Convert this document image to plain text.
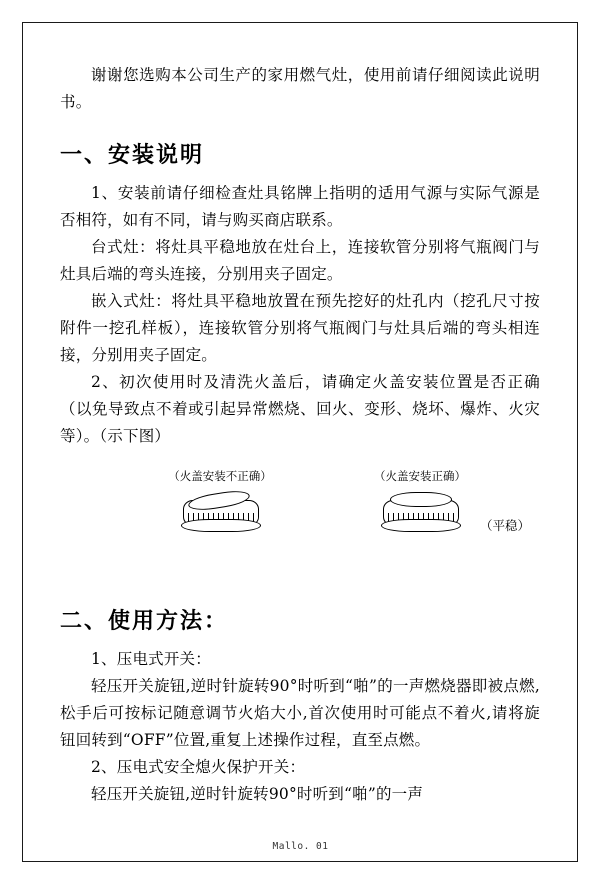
谢谢您选购本公司生产的家用燃气灶，使用前请仔细阅读此说明书。

一、安装说明

1、安装前请仔细检查灶具铭牌上指明的适用气源与实际气源是否相符，如有不同，请与购买商店联系。

台式灶：将灶具平稳地放在灶台上，连接软管分别将气瓶阀门与灶具后端的弯头连接，分别用夹子固定。

嵌入式灶：将灶具平稳地放置在预先挖好的灶孔内（挖孔尺寸按附件一挖孔样板），连接软管分别将气瓶阀门与灶具后端的弯头相连接，分别用夹子固定。

2、初次使用时及清洗火盖后，请确定火盖安装位置是否正确（以免导致点不着或引起异常燃烧、回火、变形、烧坏、爆炸、火灾等）。（示下图）

（火盖安装不正确）	（火盖安装正确）
（平稳）
二、使用方法：

1、压电式开关：

轻压开关旋钮,逆时针旋转90°时听到“啪”的一声燃烧器即被点燃,松手后可按标记随意调节火焰大小,首次使用时可能点不着火,请将旋钮回转到“OFF”位置,重复上述操作过程，直至点燃。

2、压电式安全熄火保护开关：

轻压开关旋钮,逆时针旋转90°时听到“啪”的一声

Mallo. 01
